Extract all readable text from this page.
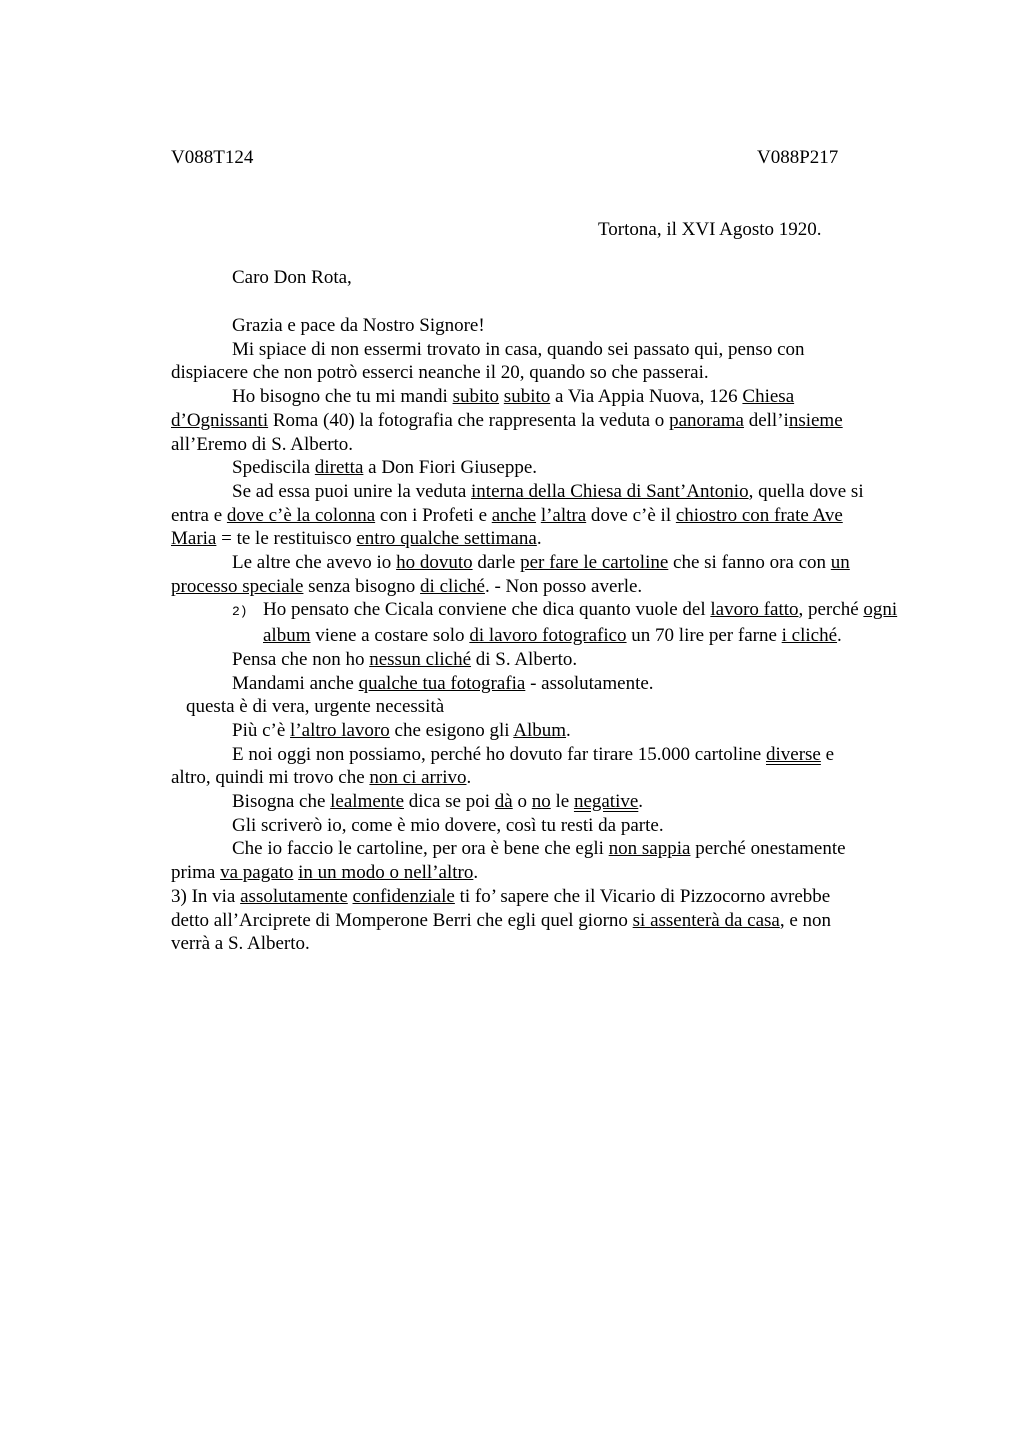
V088T124	V088P217
Tortona, il XVI Agosto 1920.
Caro Don Rota,

Grazia e pace da Nostro Signore!

Mi spiace di non essermi trovato in casa, quando sei passato qui, penso con
dispiacere che non potrò esserci neanche il 20, quando so che passerai.

Ho bisogno che tu mi mandi subito subito a Via Appia Nuova, 126 Chiesa
d’Ognissanti Roma (40) la fotografia che rappresenta la veduta o panorama dell’insieme
all’Eremo di S. Alberto.

Spediscila diretta a Don Fiori Giuseppe.

Se ad essa puoi unire la veduta interna della Chiesa di Sant’Antonio, quella dove si
entra e dove c’è la colonna con i Profeti e anche l’altra dove c’è il chiostro con frate Ave
Maria = te le restituisco entro qualche settimana.

Le altre che avevo io ho dovuto darle per fare le cartoline che si fanno ora con un
processo speciale senza bisogno di cliché. - Non posso averle.

2) Ho pensato che Cicala conviene che dica quanto vuole del lavoro fatto, perché ogni album viene a costare solo di lavoro fotografico un 70 lire per farne i cliché.

Pensa che non ho nessun cliché di S. Alberto.

Mandami anche qualche tua fotografia - assolutamente.

questa è di vera, urgente necessità

Più c’è l’altro lavoro che esigono gli Album.

E noi oggi non possiamo, perché ho dovuto far tirare 15.000 cartoline diverse e
altro, quindi mi trovo che non ci arrivo.

Bisogna che lealmente dica se poi dà o no le negative.

Gli scriverò io, come è mio dovere, così tu resti da parte.

Che io faccio le cartoline, per ora è bene che egli non sappia perché onestamente
prima va pagato in un modo o nell’altro.

3) In via assolutamente confidenziale ti fo’ sapere che il Vicario di Pizzocorno avrebbe
detto all’Arciprete di Momperone Berri che egli quel giorno si assenterà da casa, e non
verrà a S. Alberto.
